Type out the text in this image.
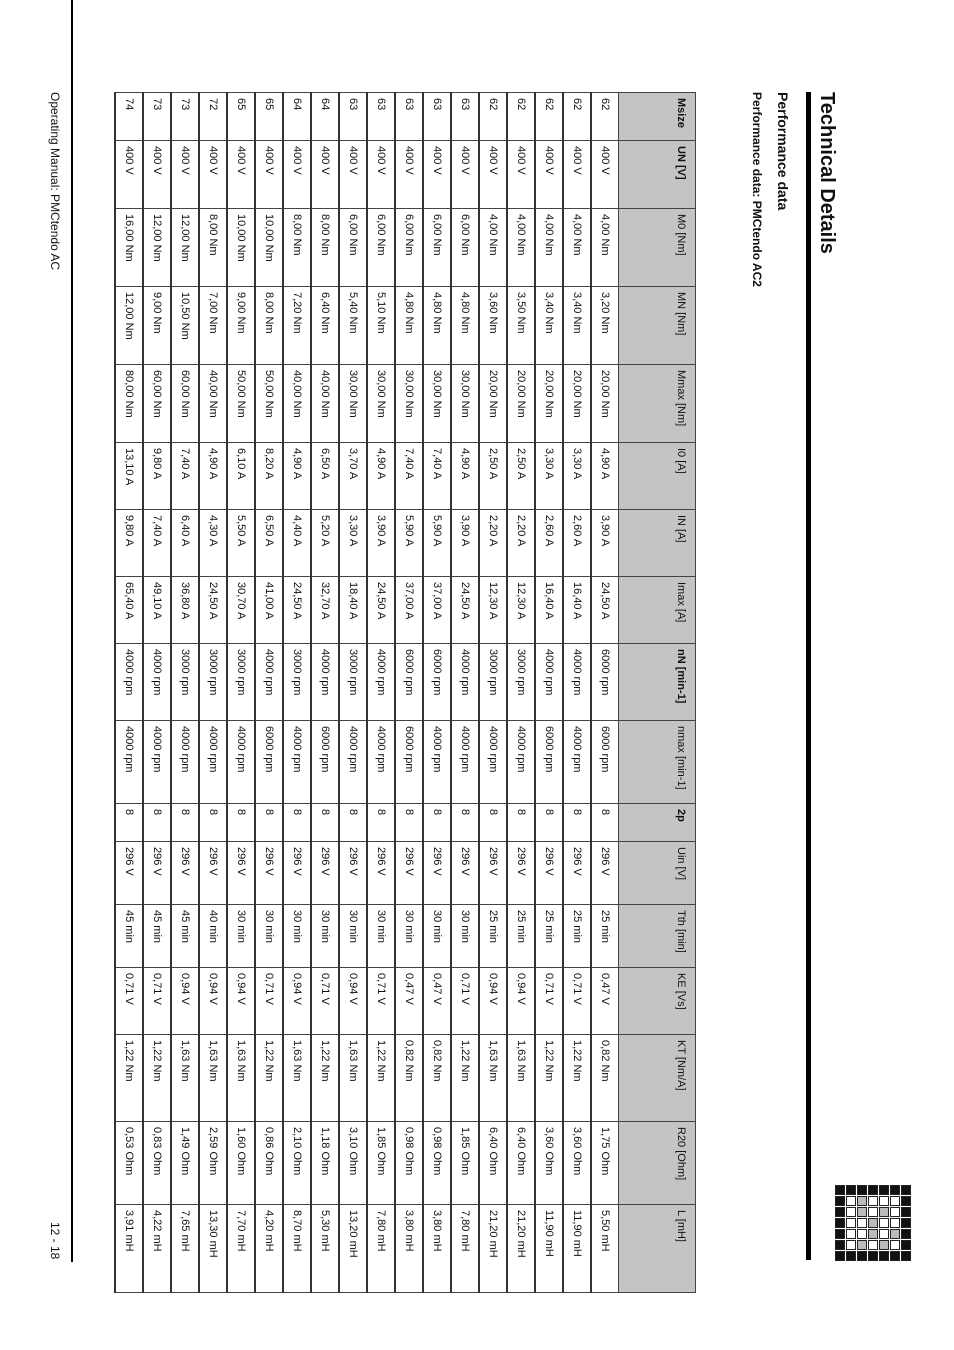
Technical Details
Performance data
Performance data: PMCtendo AC2
Msize	UN [V]	M0 [Nm]	MN [Nm]	Mmax [Nm]	I0 [A]	IN [A]	Imax [A]	nN [min-1]	nmax [min-1]	2p	Uin [V]	Tth [min]	KE [Vs]	KT [Nm/A]	R20 [Ohm]	L [mH]
62	400 V	4,00 Nm	3,20 Nm	20,00 Nm	4,90 A	3,90 A	24,50 A	6000 rpm	6000 rpm	8	296 V	25 min	0,47 V	0,82 Nm	1,75 Ohm	5,50 mH
62	400 V	4,00 Nm	3,40 Nm	20,00 Nm	3,30 A	2,60 A	16,40 A	4000 rpm	4000 rpm	8	296 V	25 min	0,71 V	1,22 Nm	3,60 Ohm	11,90 mH
62	400 V	4,00 Nm	3,40 Nm	20,00 Nm	3,30 A	2,60 A	16,40 A	4000 rpm	6000 rpm	8	296 V	25 min	0,71 V	1,22 Nm	3,60 Ohm	11,90 mH
62	400 V	4,00 Nm	3,50 Nm	20,00 Nm	2,50 A	2,20 A	12,30 A	3000 rpm	4000 rpm	8	296 V	25 min	0,94 V	1,63 Nm	6,40 Ohm	21,20 mH
62	400 V	4,00 Nm	3,60 Nm	20,00 Nm	2,50 A	2,20 A	12,30 A	3000 rpm	4000 rpm	8	296 V	25 min	0,94 V	1,63 Nm	6,40 Ohm	21,20 mH
63	400 V	6,00 Nm	4,80 Nm	30,00 Nm	4,90 A	3,90 A	24,50 A	4000 rpm	4000 rpm	8	296 V	30 min	0,71 V	1,22 Nm	1,85 Ohm	7,80 mH
63	400 V	6,00 Nm	4,80 Nm	30,00 Nm	7,40 A	5,90 A	37,00 A	6000 rpm	4000 rpm	8	296 V	30 min	0,47 V	0,82 Nm	0,98 Ohm	3,80 mH
63	400 V	6,00 Nm	4,80 Nm	30,00 Nm	7,40 A	5,90 A	37,00 A	6000 rpm	6000 rpm	8	296 V	30 min	0,47 V	0,82 Nm	0,98 Ohm	3,80 mH
63	400 V	6,00 Nm	5,10 Nm	30,00 Nm	4,90 A	3,90 A	24,50 A	4000 rpm	4000 rpm	8	296 V	30 min	0,71 V	1,22 Nm	1,85 Ohm	7,80 mH
63	400 V	6,00 Nm	5,40 Nm	30,00 Nm	3,70 A	3,30 A	18,40 A	3000 rpm	4000 rpm	8	296 V	30 min	0,94 V	1,63 Nm	3,10 Ohm	13,20 mH
64	400 V	8,00 Nm	6,40 Nm	40,00 Nm	6,50 A	5,20 A	32,70 A	4000 rpm	6000 rpm	8	296 V	30 min	0,71 V	1,22 Nm	1,18 Ohm	5,30 mH
64	400 V	8,00 Nm	7,20 Nm	40,00 Nm	4,90 A	4,40 A	24,50 A	3000 rpm	4000 rpm	8	296 V	30 min	0,94 V	1,63 Nm	2,10 Ohm	8,70 mH
65	400 V	10,00 Nm	8,00 Nm	50,00 Nm	8,20 A	6,50 A	41,00 A	4000 rpm	6000 rpm	8	296 V	30 min	0,71 V	1,22 Nm	0,86 Ohm	4,20 mH
65	400 V	10,00 Nm	9,00 Nm	50,00 Nm	6,10 A	5,50 A	30,70 A	3000 rpm	4000 rpm	8	296 V	30 min	0,94 V	1,63 Nm	1,60 Ohm	7,70 mH
72	400 V	8,00 Nm	7,00 Nm	40,00 Nm	4,90 A	4,30 A	24,50 A	3000 rpm	4000 rpm	8	296 V	40 min	0,94 V	1,63 Nm	2,59 Ohm	13,30 mH
73	400 V	12,00 Nm	10,50 Nm	60,00 Nm	7,40 A	6,40 A	36,80 A	3000 rpm	4000 rpm	8	296 V	45 min	0,94 V	1,63 Nm	1,49 Ohm	7,65 mH
73	400 V	12,00 Nm	9,00 Nm	60,00 Nm	9,80 A	7,40 A	49,10 A	4000 rpm	4000 rpm	8	296 V	45 min	0,71 V	1,22 Nm	0,83 Ohm	4,22 mH
74	400 V	16,00 Nm	12,00 Nm	80,00 Nm	13,10 A	9,80 A	65,40 A	4000 rpm	4000 rpm	8	296 V	45 min	0,71 V	1,22 Nm	0,53 Ohm	3,91 mH
Operating Manual: PMCtendo AC
12 - 18
